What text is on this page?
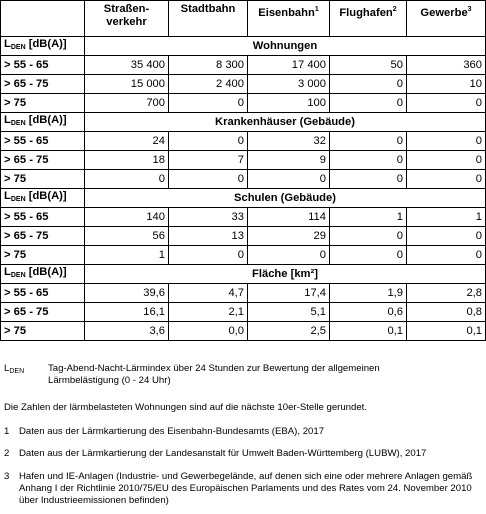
	Straßen-verkehr	Stadtbahn	Eisenbahn$^1$	Flughafen$^2$	Gewerbe$^3$
$L_{DEN}$ [dB(A)]	Wohnungen				
> 55 - 65	35 400	8 300	17 400	50	360
> 65 - 75	15 000	2 400	3 000	0	10
> 75	700	0	100	0	0
$L_{DEN}$ [dB(A)]	Krankenhäuser (Gebäude)				
> 55 - 65	24	0	32	0	0
> 65 - 75	18	7	9	0	0
> 75	0	0	0	0	0
$L_{DEN}$ [dB(A)]	Schulen (Gebäude)				
> 55 - 65	140	33	114	1	1
> 65 - 75	56	13	29	0	0
> 75	1	0	0	0	0
$L_{DEN}$ [dB(A)]	Fläche [km²]				
> 55 - 65	39,6	4,7	17,4	1,9	2,8
> 65 - 75	16,1	2,1	5,1	0,6	0,8
> 75	3,6	0,0	2,5	0,1	0,1
$L_{DEN}$ Tag-Abend-Nacht-Lärmindex über 24 Stunden zur Bewertung der allgemeinen Lärmbelästigung (0 - 24 Uhr)
Die Zahlen der lärmbelasteten Wohnungen sind auf die nächste 10er-Stelle gerundet.
1 Daten aus der Lärmkartierung des Eisenbahn-Bundesamts (EBA), 2017
2 Daten aus der Lärmkartierung der Landesanstalt für Umwelt Baden-Württemberg (LUBW), 2017
3 Hafen und IE-Anlagen (Industrie- und Gewerbegelände, auf denen sich eine oder mehrere Anlagen gemäß Anhang I der Richtlinie 2010/75/EU des Europäischen Parlaments und des Rates vom 24. November 2010 über Industrieemissionen befinden)
